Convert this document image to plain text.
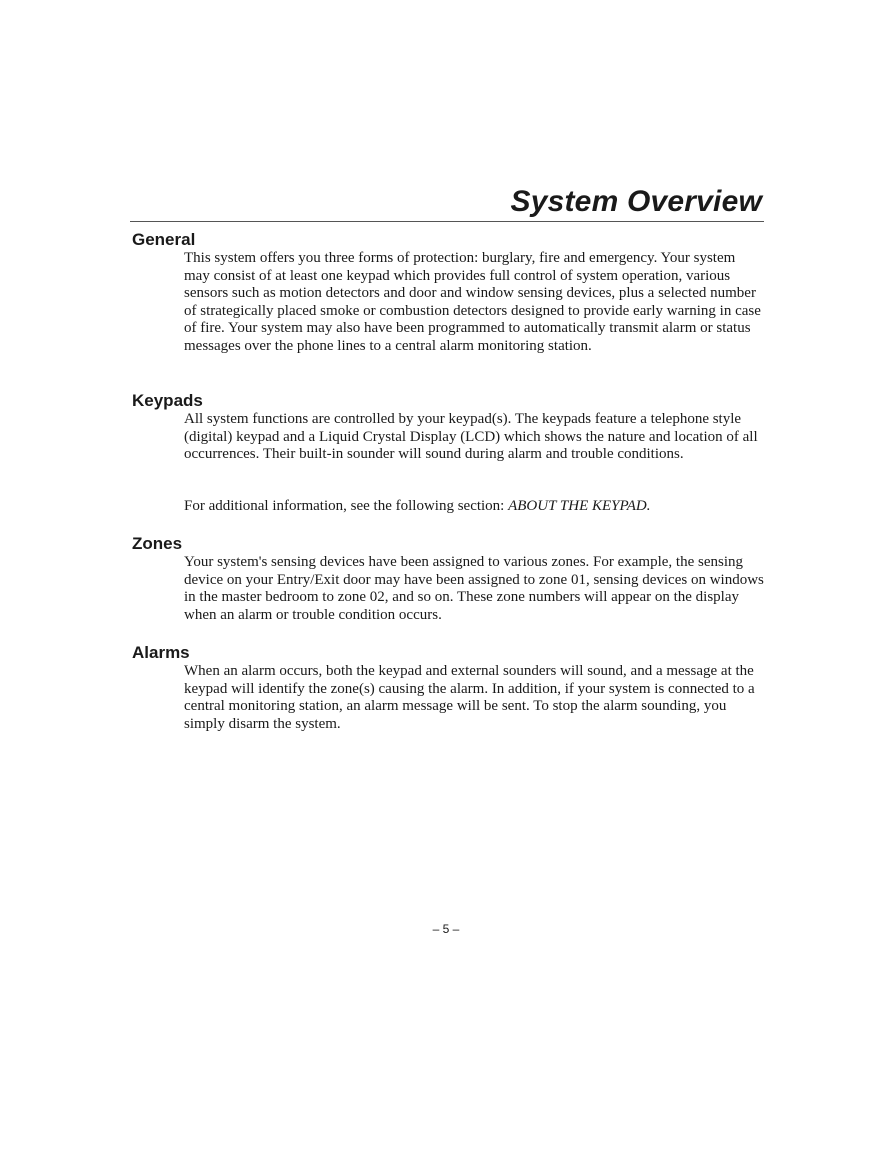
System Overview
General

This system offers you three forms of protection: burglary, fire and emergency. Your system may consist of at least one keypad which provides full control of system operation, various sensors such as motion detectors and door and window sensing devices, plus a selected number of strategically placed smoke or combustion detectors designed to provide early warning in case of fire. Your system may also have been programmed to automatically transmit alarm or status messages over the phone lines to a central alarm monitoring station.

Keypads

All system functions are controlled by your keypad(s). The keypads feature a telephone style (digital) keypad and a Liquid Crystal Display (LCD) which shows the nature and location of all occurrences. Their built-in sounder will sound during alarm and trouble conditions.

For additional information, see the following section: ABOUT THE KEYPAD.

Zones

Your system's sensing devices have been assigned to various zones. For example, the sensing device on your Entry/Exit door may have been assigned to zone 01, sensing devices on windows in the master bedroom to zone 02, and so on. These zone numbers will appear on the display when an alarm or trouble condition occurs.

Alarms

When an alarm occurs, both the keypad and external sounders will sound, and a message at the keypad will identify the zone(s) causing the alarm. In addition, if your system is connected to a central monitoring station, an alarm message will be sent. To stop the alarm sounding, you simply disarm the system.

– 5 –
